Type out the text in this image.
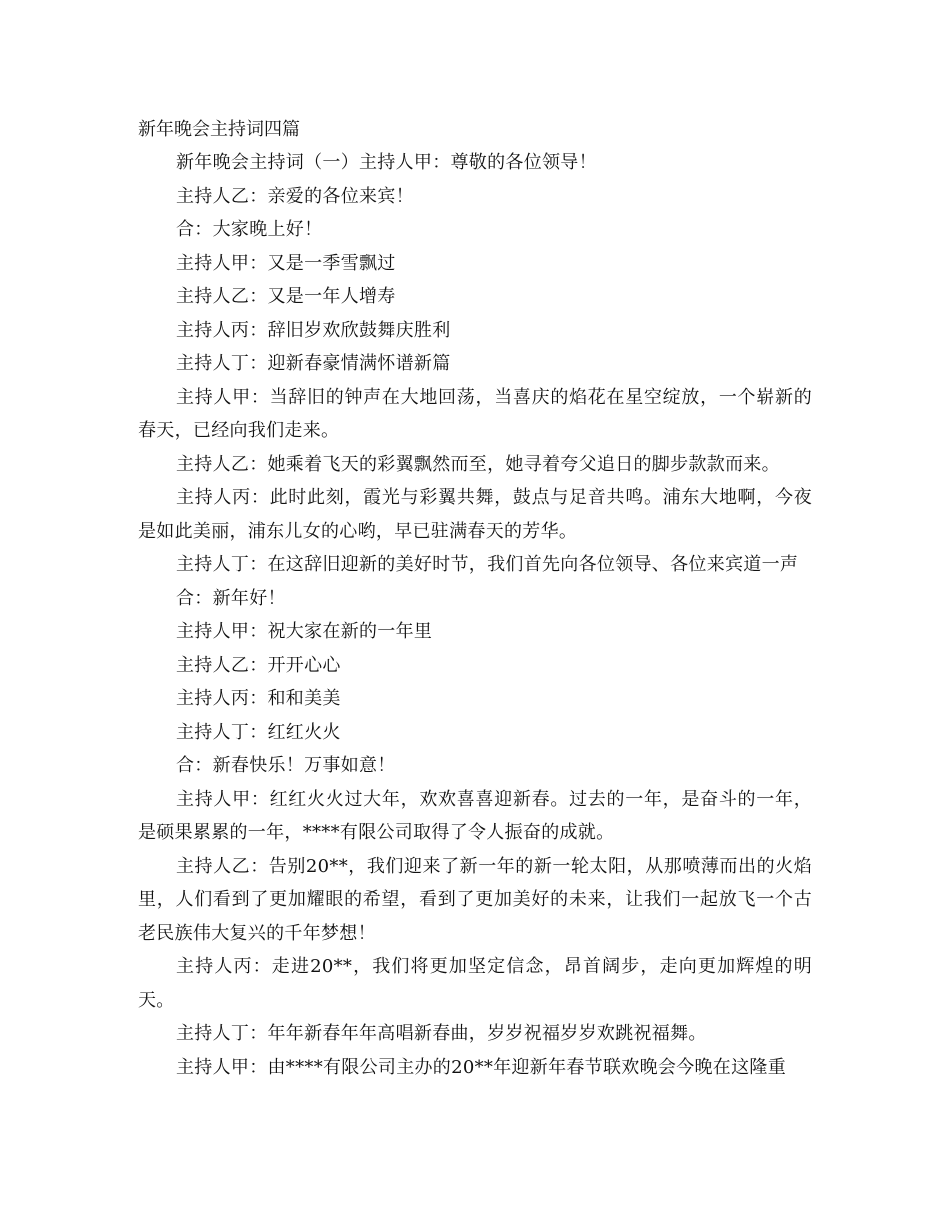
新年晚会主持词四篇

新年晚会主持词（一）主持人甲：尊敬的各位领导！

主持人乙：亲爱的各位来宾！

合：大家晚上好！

主持人甲：又是一季雪飘过

主持人乙：又是一年人增寿

主持人丙：辞旧岁欢欣鼓舞庆胜利

主持人丁：迎新春豪情满怀谱新篇

主持人甲：当辞旧的钟声在大地回荡，当喜庆的焰花在星空绽放，一个崭新的春天，已经向我们走来。

主持人乙：她乘着飞天的彩翼飘然而至，她寻着夸父追日的脚步款款而来。

主持人丙：此时此刻，霞光与彩翼共舞，鼓点与足音共鸣。浦东大地啊，今夜是如此美丽，浦东儿女的心哟，早已驻满春天的芳华。

主持人丁：在这辞旧迎新的美好时节，我们首先向各位领导、各位来宾道一声

合：新年好！

主持人甲：祝大家在新的一年里

主持人乙：开开心心

主持人丙：和和美美

主持人丁：红红火火

合：新春快乐！万事如意！

主持人甲：红红火火过大年，欢欢喜喜迎新春。过去的一年，是奋斗的一年，是硕果累累的一年，****有限公司取得了令人振奋的成就。

主持人乙：告别20**，我们迎来了新一年的新一轮太阳，从那喷薄而出的火焰里，人们看到了更加耀眼的希望，看到了更加美好的未来，让我们一起放飞一个古老民族伟大复兴的千年梦想！

主持人丙：走进20**，我们将更加坚定信念，昂首阔步，走向更加辉煌的明天。

主持人丁：年年新春年年高唱新春曲，岁岁祝福岁岁欢跳祝福舞。

主持人甲：由****有限公司主办的20**年迎新年春节联欢晚会今晚在这隆重
